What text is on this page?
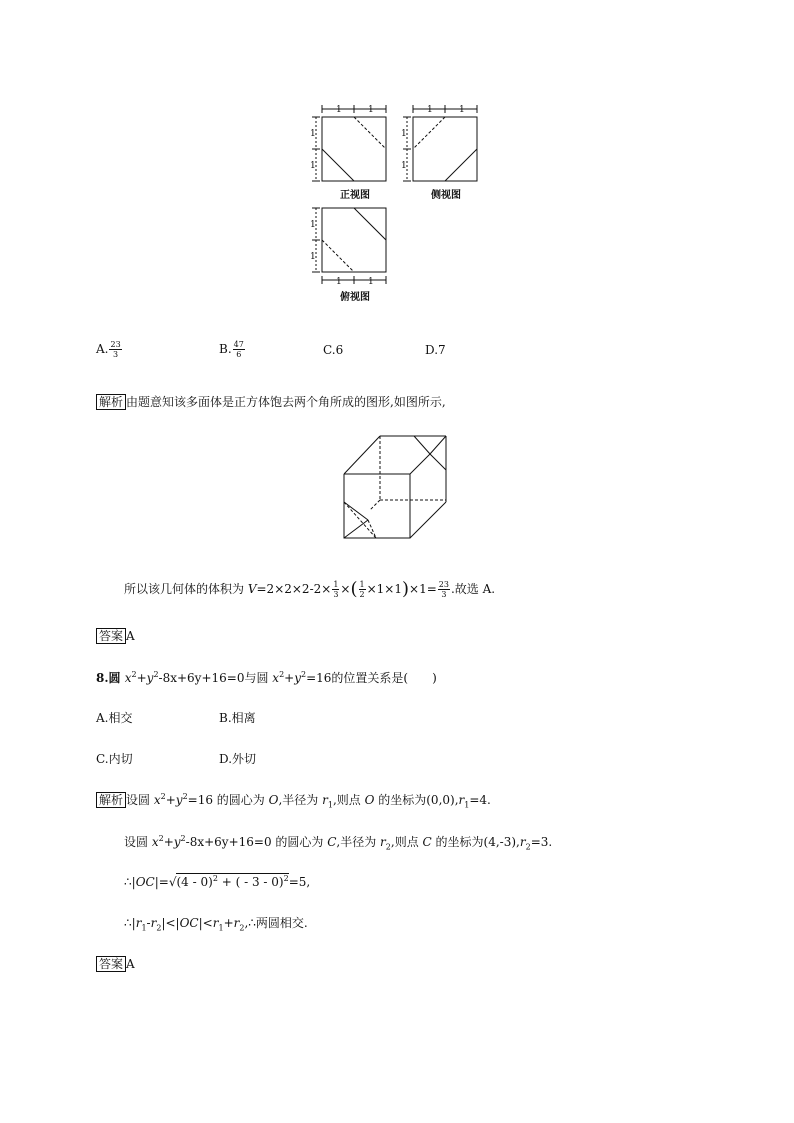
1	1
1
1
1	1
1
1
1
1
1	1
正视图	侧视图
俯视图
A. $\frac{23}{3}$	B. $\frac{47}{6}$	C.6	D.7
解析 由题意知该多面体是正方体饱去两个角所成的图形,如图所示,
所以该几何体的体积为 $V=2\times 2\times 2-2\times \frac{1}{3}$ ×( $\frac{1}{2} \times 1\times 1)\times 1= \frac{23}{3}$ .故选 A.
答案 A
8.圆 $x^2+y^2-8x+6y+16=0$与圆 $x^2+y^2=16$的位置关系是(　　)
A.相交	B.相离
C.内切	D.外切
解析 设圆 $x^2+y^2=16$ 的圆心为 O,半径为 $r_1$,则点 O 的坐标为$(0,0),r_1=4$.
设圆 $x^2+y^2-8x+6y+16=0$ 的圆心为 C,半径为 $r_2$,则点 C 的坐标为$(4,-3),r_2=3$.
∴|OC|=√(4 - 0)$^2$ + ( - 3 - 0)$^2$=5,
$\therefore|r_1-r_2|<|OC|<r_1+r_2,\therefore$两圆相交.
答案 A
